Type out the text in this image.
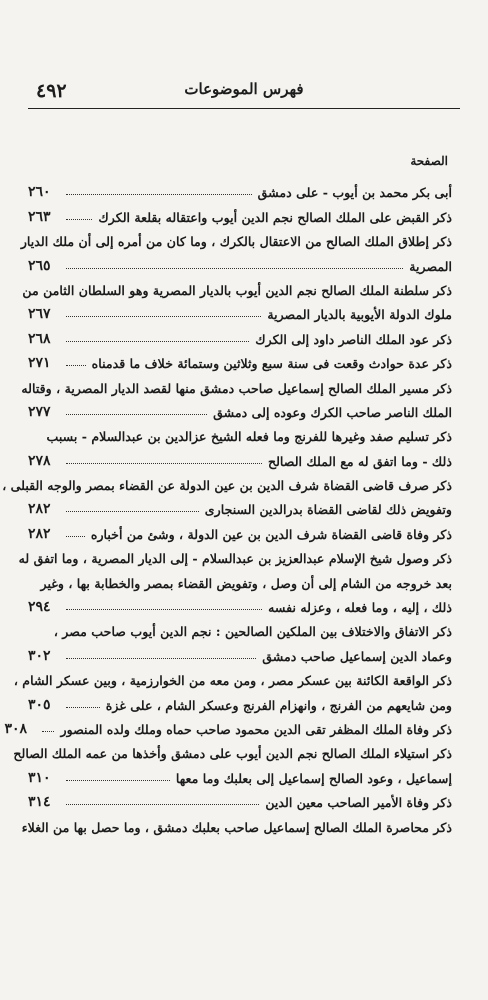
٤٩٢	فهرس الموضوعات
الصفحة
أبى بكر محمد بن أيوب - على دمشق
٢٦٠
ذكر القبض على الملك الصالح نجم الدين أيوب واعتقاله بقلعة الكرك
٢٦٣
ذكر إطلاق الملك الصالح من الاعتقال بالكرك ، وما كان من أمره إلى أن ملك الديار
المصرية
٢٦٥
ذكر سلطنة الملك الصالح نجم الدين أيوب بالديار المصرية وهو السلطان الثامن من
ملوك الدولة الأيوبية بالديار المصرية
٢٦٧
ذكر عود الملك الناصر داود إلى الكرك
٢٦٨
ذكر عدة حوادث وقعت فى سنة سبع وثلاثين وستمائة خلاف ما قدمناه
٢٧١
ذكر مسير الملك الصالح إسماعيل صاحب دمشق منها لقصد الديار المصرية ، وقتاله
الملك الناصر صاحب الكرك وعوده إلى دمشق
٢٧٧
ذكر تسليم صفد وغيرها للفرنج وما فعله الشيخ عزالدين بن عبدالسلام - بسبب
ذلك - وما اتفق له مع الملك الصالح
٢٧٨
ذكر صرف قاضى القضاة شرف الدين بن عين الدولة عن القضاء بمصر والوجه القبلى ،
وتفويض ذلك لقاضى القضاة بدرالدين السنجارى
٢٨٢
ذكر وفاة قاضى القضاة شرف الدين بن عين الدولة ، وشئ من أخباره
٢٨٢
ذكر وصول شيخ الإسلام عبدالعزيز بن عبدالسلام - إلى الديار المصرية ، وما اتفق له
بعد خروجه من الشام إلى أن وصل ، وتفويض القضاء بمصر والخطابة بها ، وغير
ذلك ، إليه ، وما فعله ، وعزله نفسه
٢٩٤
ذكر الاتفاق والاختلاف بين الملكين الصالحين : نجم الدين أيوب صاحب مصر ،
وعماد الدين إسماعيل صاحب دمشق
٣٠٢
ذكر الواقعة الكائنة بين عسكر مصر ، ومن معه من الخوارزمية ، وبين عسكر الشام ،
ومن شايعهم من الفرنج ، وانهزام الفرنج وعسكر الشام ، على غزة
٣٠٥
ذكر وفاة الملك المظفر تقى الدين محمود صاحب حماه وملك ولده المنصور
٣٠٨
ذكر استيلاء الملك الصالح نجم الدين أيوب على دمشق وأخذها من عمه الملك الصالح
إسماعيل ، وعود الصالح إسماعيل إلى بعلبك وما معها
٣١٠
ذكر وفاة الأمير الصاحب معين الدين
٣١٤
ذكر محاصرة الملك الصالح إسماعيل صاحب بعلبك دمشق ، وما حصل بها من الغلاء
